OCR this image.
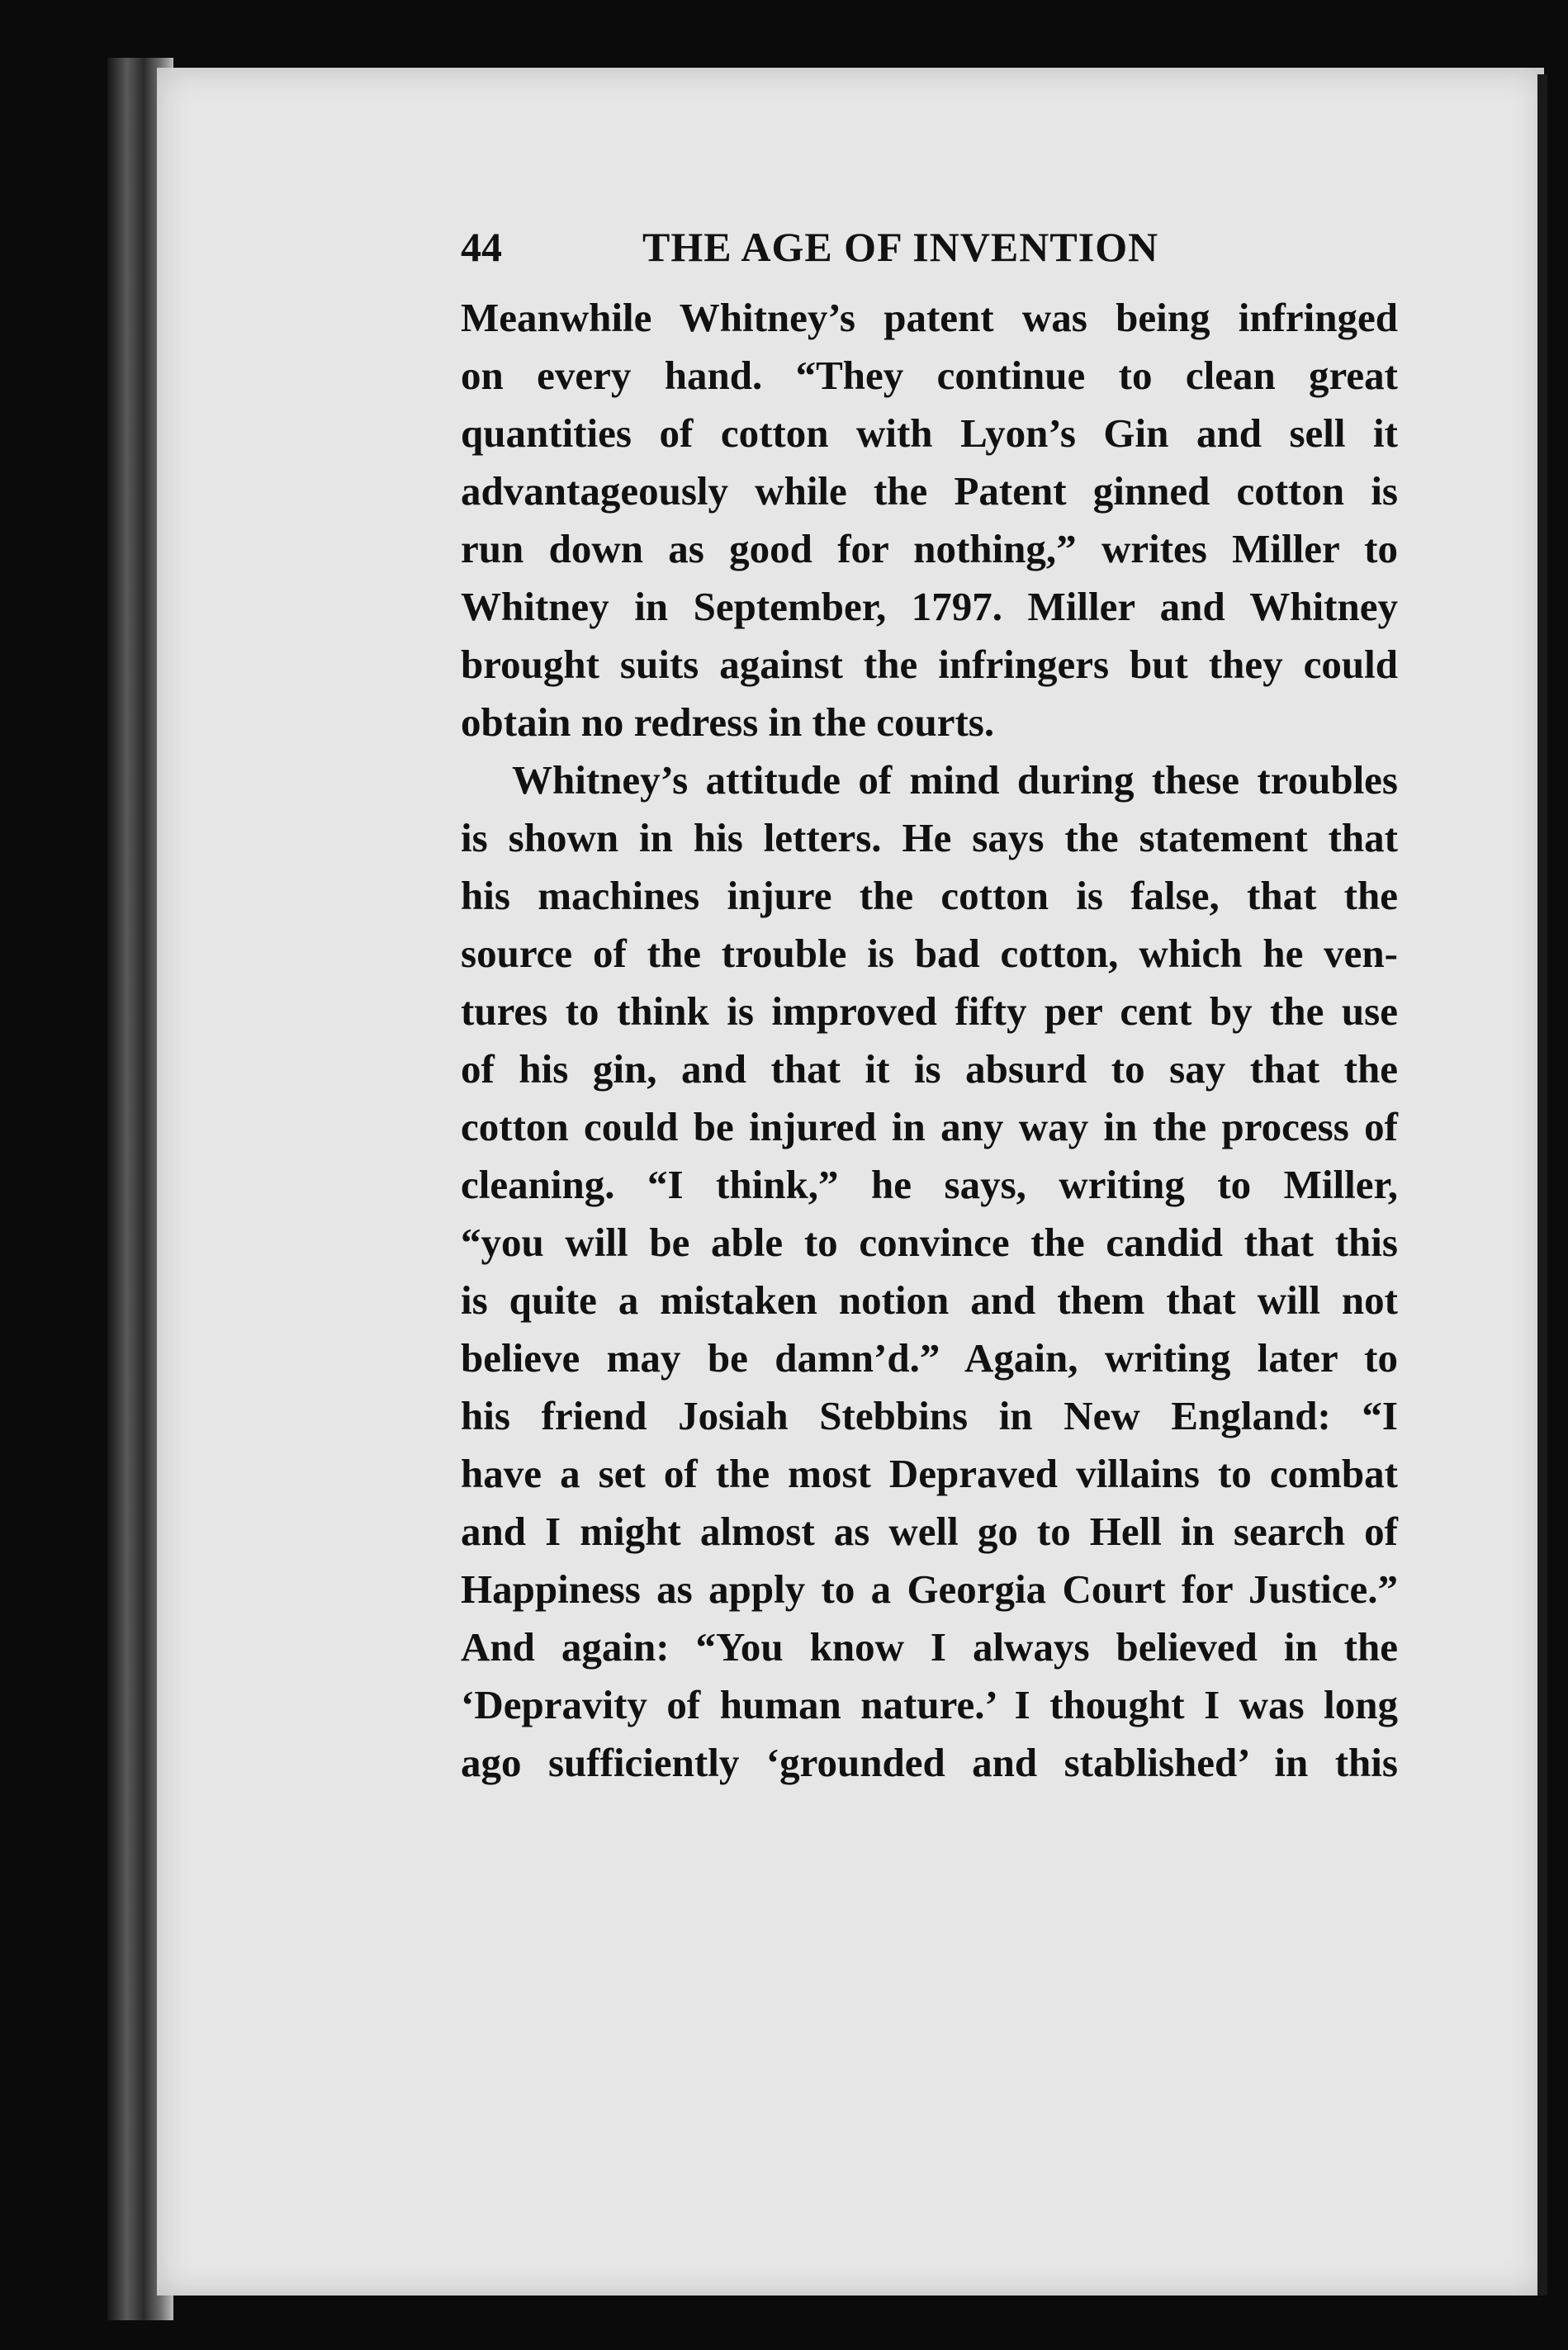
44	THE AGE OF INVENTION
Meanwhile Whitney’s patent was being infringed
on every hand. “They continue to clean great
quantities of cotton with Lyon’s Gin and sell it
advantageously while the Patent ginned cotton is
run down as good for nothing,” writes Miller to
Whitney in September, 1797. Miller and Whitney
brought suits against the infringers but they could
obtain no redress in the courts.
Whitney’s attitude of mind during these troubles
is shown in his letters. He says the statement that
his machines injure the cotton is false, that the
source of the trouble is bad cotton, which he ven-
tures to think is improved fifty per cent by the use
of his gin, and that it is absurd to say that the
cotton could be injured in any way in the process of
cleaning. “I think,” he says, writing to Miller,
“you will be able to convince the candid that this
is quite a mistaken notion and them that will not
believe may be damn’d.” Again, writing later to
his friend Josiah Stebbins in New England: “I
have a set of the most Depraved villains to combat
and I might almost as well go to Hell in search of
Happiness as apply to a Georgia Court for Justice.”
And again: “You know I always believed in the
‘Depravity of human nature.’ I thought I was long
ago sufficiently ‘grounded and stablished’ in this
